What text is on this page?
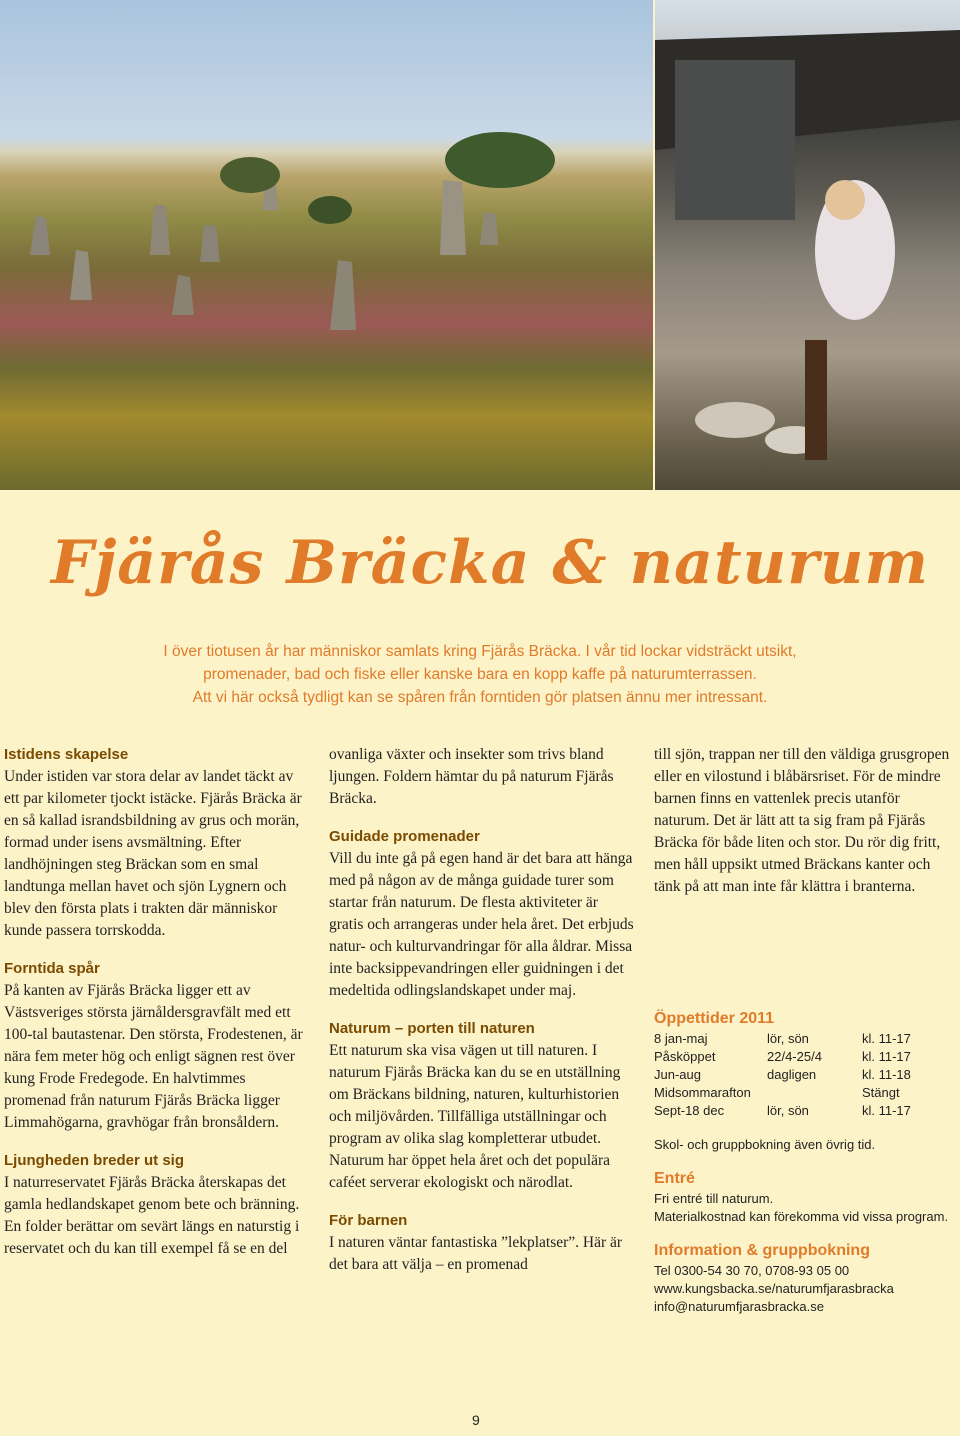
Fjärås Bräcka & naturum
I över tiotusen år har människor samlats kring Fjärås Bräcka. I vår tid lockar vidsträckt utsikt,
promenader, bad och fiske eller kanske bara en kopp kaffe på naturumterrassen.
Att vi här också tydligt kan se spåren från forntiden gör platsen ännu mer intressant.

Istidens skapelse

Under istiden var stora delar av landet täckt av ett par kilometer tjockt istäcke. Fjärås Bräcka är en så kallad israndsbildning av grus och morän, formad under isens avsmältning. Efter landhöjningen steg Bräckan som en smal landtunga mellan havet och sjön Lygnern och blev den första plats i trakten där människor kunde passera torrskodda.

Forntida spår

På kanten av Fjärås Bräcka ligger ett av Västsveriges största järnåldersgravfält med ett 100-tal bautastenar. Den största, Frodestenen, är nära fem meter hög och enligt sägnen rest över kung Frode Fredegode. En halvtimmes promenad från naturum Fjärås Bräcka ligger Limmahögarna, gravhögar från bronsåldern.

Ljungheden breder ut sig

I naturreservatet Fjärås Bräcka återskapas det gamla hedlandskapet genom bete och bränning. En folder berättar om sevärt längs en naturstig i reservatet och du kan till exempel få se en del

ovanliga växter och insekter som trivs bland ljungen. Foldern hämtar du på naturum Fjärås Bräcka.

Guidade promenader

Vill du inte gå på egen hand är det bara att hänga med på någon av de många guidade turer som startar från naturum. De flesta aktiviteter är gratis och arrangeras under hela året. Det erbjuds natur- och kulturvandringar för alla åldrar. Missa inte backsippevandringen eller guidningen i det medeltida odlingslandskapet under maj.

Naturum – porten till naturen

Ett naturum ska visa vägen ut till naturen. I naturum Fjärås Bräcka kan du se en utställning om Bräckans bildning, naturen, kulturhistorien och miljövården. Tillfälliga utställningar och program av olika slag kompletterar utbudet. Naturum har öppet hela året och det populära caféet serverar ekologiskt och närodlat.

För barnen

I naturen väntar fantastiska ”lekplatser”. Här är det bara att välja – en promenad

till sjön, trappan ner till den väldiga grusgropen eller en vilostund i blåbärsriset. För de mindre barnen finns en vattenlek precis utanför naturum. Det är lätt att ta sig fram på Fjärås Bräcka för både liten och stor. Du rör dig fritt, men håll uppsikt utmed Bräckans kanter och tänk på att man inte får klättra i branterna.

Öppettider 2011

8 jan-maj	lör, sön	kl. 11-17
Påsköppet	22/4-25/4	kl. 11-17
Jun-aug	dagligen	kl. 11-18
Midsommarafton		Stängt
Sept-18 dec	lör, sön	kl. 11-17

Skol- och gruppbokning även övrig tid.

Entré

Fri entré till naturum.

Materialkostnad kan förekomma vid vissa program.

Information & gruppbokning

Tel 0300-54 30 70, 0708-93 05 00

www.kungsbacka.se/naturumfjarasbracka

info@naturumfjarasbracka.se

9
